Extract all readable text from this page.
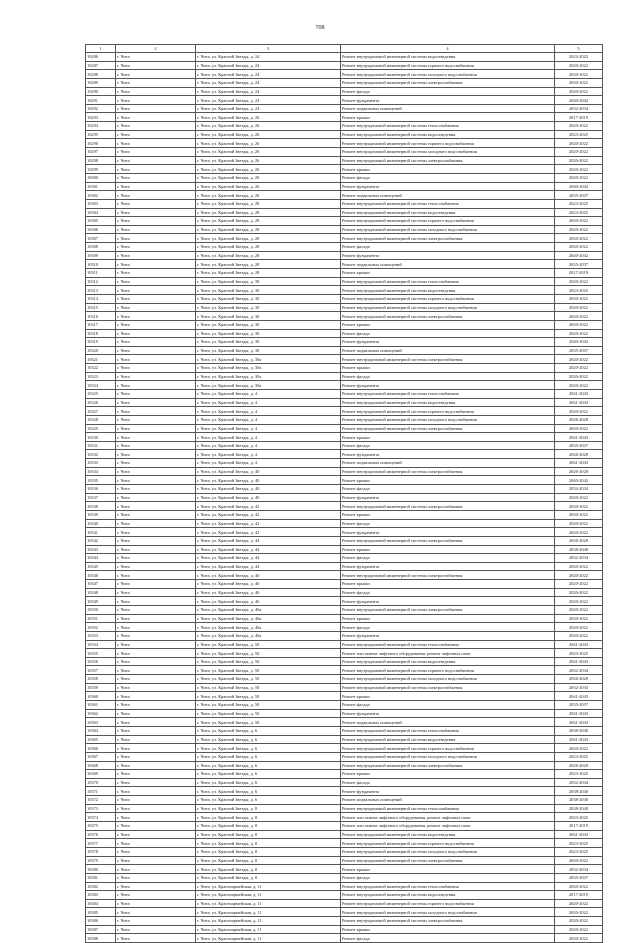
708
1	2	3	4	5
10286	г. Чита	г. Чита, ул. Красной Звезды, д. 24	Ремонт внутридомовой инженерной системы водоотведения	2022-2023
10287	г. Чита	г. Чита, ул. Красной Звезды, д. 24	Ремонт внутридомовой инженерной системы горячего водоснабжения	2020-2022
10288	г. Чита	г. Чита, ул. Красной Звезды, д. 24	Ремонт внутридомовой инженерной системы холодного водоснабжения	2020-2022
10289	г. Чита	г. Чита, ул. Красной Звезды, д. 24	Ремонт внутридомовой инженерной системы электроснабжения	2020-2022
10290	г. Чита	г. Чита, ул. Красной Звезды, д. 24	Ремонт фасада	2020-2022
10291	г. Чита	г. Чита, ул. Красной Звезды, д. 24	Ремонт фундамента	2040-2042
10292	г. Чита	г. Чита, ул. Красной Звезды, д. 24	Ремонт подвальных помещений	2032-2034
10293	г. Чита	г. Чита, ул. Красной Звезды, д. 26	Ремонт крыши	2017-2019
10294	г. Чита	г. Чита, ул. Красной Звезды, д. 26	Ремонт внутридомовой инженерной системы теплоснабжения	2020-2022
10295	г. Чита	г. Чита, ул. Красной Звезды, д. 26	Ремонт внутридомовой инженерной системы водоотведения	2023-2025
10296	г. Чита	г. Чита, ул. Красной Звезды, д. 26	Ремонт внутридомовой инженерной системы горячего водоснабжения	2020-2022
10297	г. Чита	г. Чита, ул. Красной Звезды, д. 26	Ремонт внутридомовой инженерной системы холодного водоснабжения	2020-2022
10298	г. Чита	г. Чита, ул. Красной Звезды, д. 26	Ремонт внутридомовой инженерной системы электроснабжения	2020-2022
10299	г. Чита	г. Чита, ул. Красной Звезды, д. 26	Ремонт крыши	2020-2022
10300	г. Чита	г. Чита, ул. Красной Звезды, д. 26	Ремонт фасада	2020-2022
10301	г. Чита	г. Чита, ул. Красной Звезды, д. 26	Ремонт фундамента	2040-2042
10302	г. Чита	г. Чита, ул. Красной Звезды, д. 26	Ремонт подвальных помещений	2035-2037
10303	г. Чита	г. Чита, ул. Красной Звезды, д. 28	Ремонт внутридомовой инженерной системы теплоснабжения	2023-2025
10304	г. Чита	г. Чита, ул. Красной Звезды, д. 28	Ремонт внутридомовой инженерной системы водоотведения	2023-2025
10305	г. Чита	г. Чита, ул. Красной Звезды, д. 28	Ремонт внутридомовой инженерной системы горячего водоснабжения	2020-2022
10306	г. Чита	г. Чита, ул. Красной Звезды, д. 28	Ремонт внутридомовой инженерной системы холодного водоснабжения	2020-2022
10307	г. Чита	г. Чита, ул. Красной Звезды, д. 28	Ремонт внутридомовой инженерной системы электроснабжения	2020-2022
10308	г. Чита	г. Чита, ул. Красной Звезды, д. 28	Ремонт фасада	2020-2022
10309	г. Чита	г. Чита, ул. Красной Звезды, д. 28	Ремонт фундамента	2040-2042
10310	г. Чита	г. Чита, ул. Красной Звезды, д. 28	Ремонт подвальных помещений	2035-2037
10311	г. Чита	г. Чита, ул. Красной Звезды, д. 28	Ремонт крыши	2017-2019
10312	г. Чита	г. Чита, ул. Красной Звезды, д. 30	Ремонт внутридомовой инженерной системы теплоснабжения	2020-2022
10313	г. Чита	г. Чита, ул. Красной Звезды, д. 30	Ремонт внутридомовой инженерной системы водоотведения	2023-2025
10314	г. Чита	г. Чита, ул. Красной Звезды, д. 30	Ремонт внутридомовой инженерной системы горячего водоснабжения	2020-2022
10315	г. Чита	г. Чита, ул. Красной Звезды, д. 30	Ремонт внутридомовой инженерной системы холодного водоснабжения	2020-2022
10316	г. Чита	г. Чита, ул. Красной Звезды, д. 30	Ремонт внутридомовой инженерной системы электроснабжения	2020-2022
10317	г. Чита	г. Чита, ул. Красной Звезды, д. 30	Ремонт крыши	2020-2022
10318	г. Чита	г. Чита, ул. Красной Звезды, д. 30	Ремонт фасада	2020-2022
10319	г. Чита	г. Чита, ул. Красной Звезды, д. 30	Ремонт фундамента	2040-2042
10320	г. Чита	г. Чита, ул. Красной Звезды, д. 30	Ремонт подвальных помещений	2035-2037
10321	г. Чита	г. Чита, ул. Красной Звезды, д. 30а	Ремонт внутридомовой инженерной системы электроснабжения	2020-2022
10322	г. Чита	г. Чита, ул. Красной Звезды, д. 30а	Ремонт крыши	2020-2022
10323	г. Чита	г. Чита, ул. Красной Звезды, д. 30а	Ремонт фасада	2020-2022
10324	г. Чита	г. Чита, ул. Красной Звезды, д. 30а	Ремонт фундамента	2020-2022
10325	г. Чита	г. Чита, ул. Красной Звезды, д. 4	Ремонт внутридомовой инженерной системы теплоснабжения	2041-2043
10326	г. Чита	г. Чита, ул. Красной Звезды, д. 4	Ремонт внутридомовой инженерной системы водоотведения	2041-2043
10327	г. Чита	г. Чита, ул. Красной Звезды, д. 4	Ремонт внутридомовой инженерной системы горячего водоснабжения	2020-2022
10328	г. Чита	г. Чита, ул. Красной Звезды, д. 4	Ремонт внутридомовой инженерной системы холодного водоснабжения	2026-2028
10329	г. Чита	г. Чита, ул. Красной Звезды, д. 4	Ремонт внутридомовой инженерной системы электроснабжения	2020-2022
10330	г. Чита	г. Чита, ул. Красной Звезды, д. 4	Ремонт крыши	2041-2043
10331	г. Чита	г. Чита, ул. Красной Звезды, д. 4	Ремонт фасада	2035-2037
10332	г. Чита	г. Чита, ул. Красной Звезды, д. 4	Ремонт фундамента	2026-2028
10333	г. Чита	г. Чита, ул. Красной Звезды, д. 4	Ремонт подвальных помещений	2041-2043
10334	г. Чита	г. Чита, ул. Красной Звезды, д. 40	Ремонт внутридомовой инженерной системы электроснабжения	2026-2028
10335	г. Чита	г. Чита, ул. Красной Звезды, д. 40	Ремонт крыши	2040-2042
10336	г. Чита	г. Чита, ул. Красной Звезды, д. 40	Ремонт фасада	2032-2034
10337	г. Чита	г. Чита, ул. Красной Звезды, д. 40	Ремонт фундамента	2020-2022
10338	г. Чита	г. Чита, ул. Красной Звезды, д. 42	Ремонт внутридомовой инженерной системы электроснабжения	2020-2022
10339	г. Чита	г. Чита, ул. Красной Звезды, д. 42	Ремонт крыши	2020-2022
10340	г. Чита	г. Чита, ул. Красной Звезды, д. 42	Ремонт фасада	2020-2022
10341	г. Чита	г. Чита, ул. Красной Звезды, д. 42	Ремонт фундамента	2020-2022
10342	г. Чита	г. Чита, ул. Красной Звезды, д. 44	Ремонт внутридомовой инженерной системы электроснабжения	2026-2028
10343	г. Чита	г. Чита, ул. Красной Звезды, д. 44	Ремонт крыши	2038-2040
10344	г. Чита	г. Чита, ул. Красной Звезды, д. 44	Ремонт фасада	2032-2034
10345	г. Чита	г. Чита, ул. Красной Звезды, д. 44	Ремонт фундамента	2020-2022
10346	г. Чита	г. Чита, ул. Красной Звезды, д. 46	Ремонт внутридомовой инженерной системы электроснабжения	2020-2022
10347	г. Чита	г. Чита, ул. Красной Звезды, д. 46	Ремонт крыши	2020-2022
10348	г. Чита	г. Чита, ул. Красной Звезды, д. 46	Ремонт фасада	2020-2022
10349	г. Чита	г. Чита, ул. Красной Звезды, д. 46	Ремонт фундамента	2020-2022
10350	г. Чита	г. Чита, ул. Красной Звезды, д. 46а	Ремонт внутридомовой инженерной системы электроснабжения	2020-2022
10351	г. Чита	г. Чита, ул. Красной Звезды, д. 46а	Ремонт крыши	2020-2022
10352	г. Чита	г. Чита, ул. Красной Звезды, д. 46а	Ремонт фасада	2020-2022
10353	г. Чита	г. Чита, ул. Красной Звезды, д. 46а	Ремонт фундамента	2020-2022
10354	г. Чита	г. Чита, ул. Красной Звезды, д. 50	Ремонт внутридомовой инженерной системы теплоснабжения	2041-2043
10355	г. Чита	г. Чита, ул. Красной Звезды, д. 50	Ремонт или замена лифтового оборудования, ремонт лифтовых шахт	2023-2025
10356	г. Чита	г. Чита, ул. Красной Звезды, д. 50	Ремонт внутридомовой инженерной системы водоотведения	2041-2043
10357	г. Чита	г. Чита, ул. Красной Звезды, д. 50	Ремонт внутридомовой инженерной системы горячего водоснабжения	2032-2034
10358	г. Чита	г. Чита, ул. Красной Звезды, д. 50	Ремонт внутридомовой инженерной системы холодного водоснабжения	2026-2028
10359	г. Чита	г. Чита, ул. Красной Звезды, д. 50	Ремонт внутридомовой инженерной системы электроснабжения	2032-2034
10360	г. Чита	г. Чита, ул. Красной Звезды, д. 50	Ремонт крыши	2041-2043
10361	г. Чита	г. Чита, ул. Красной Звезды, д. 50	Ремонт фасада	2035-2037
10362	г. Чита	г. Чита, ул. Красной Звезды, д. 50	Ремонт фундамента	2041-2043
10363	г. Чита	г. Чита, ул. Красной Звезды, д. 50	Ремонт подвальных помещений	2041-2043
10364	г. Чита	г. Чита, ул. Красной Звезды, д. 6	Ремонт внутридомовой инженерной системы теплоснабжения	2038-2040
10365	г. Чита	г. Чита, ул. Красной Звезды, д. 6	Ремонт внутридомовой инженерной системы водоотведения	2041-2043
10366	г. Чита	г. Чита, ул. Красной Звезды, д. 6	Ремонт внутридомовой инженерной системы горячего водоснабжения	2020-2022
10367	г. Чита	г. Чита, ул. Красной Звезды, д. 6	Ремонт внутридомовой инженерной системы холодного водоснабжения	2023-2025
10368	г. Чита	г. Чита, ул. Красной Звезды, д. 6	Ремонт внутридомовой инженерной системы электроснабжения	2026-2028
10369	г. Чита	г. Чита, ул. Красной Звезды, д. 6	Ремонт крыши	2023-2025
10370	г. Чита	г. Чита, ул. Красной Звезды, д. 6	Ремонт фасада	2032-2034
10371	г. Чита	г. Чита, ул. Красной Звезды, д. 6	Ремонт фундамента	2038-2040
10372	г. Чита	г. Чита, ул. Красной Звезды, д. 6	Ремонт подвальных помещений	2038-2040
10373	г. Чита	г. Чита, ул. Красной Звезды, д. 8	Ремонт внутридомовой инженерной системы теплоснабжения	2038-2040
10374	г. Чита	г. Чита, ул. Красной Звезды, д. 8	Ремонт или замена лифтового оборудования, ремонт лифтовых шахт	2023-2025
10375	г. Чита	г. Чита, ул. Красной Звезды, д. 8	Ремонт или замена лифтового оборудования, ремонт лифтовых шахт	2017-2019
10376	г. Чита	г. Чита, ул. Красной Звезды, д. 8	Ремонт внутридомовой инженерной системы водоотведения	2041-2043
10377	г. Чита	г. Чита, ул. Красной Звезды, д. 8	Ремонт внутридомовой инженерной системы горячего водоснабжения	2023-2025
10378	г. Чита	г. Чита, ул. Красной Звезды, д. 8	Ремонт внутридомовой инженерной системы холодного водоснабжения	2023-2025
10379	г. Чита	г. Чита, ул. Красной Звезды, д. 8	Ремонт внутридомовой инженерной системы электроснабжения	2020-2022
10380	г. Чита	г. Чита, ул. Красной Звезды, д. 8	Ремонт крыши	2032-2034
10381	г. Чита	г. Чита, ул. Красной Звезды, д. 8	Ремонт фасада	2035-2037
10382	г. Чита	г. Чита, ул. Красноармейская, д. 11	Ремонт внутридомовой инженерной системы теплоснабжения	2020-2022
10383	г. Чита	г. Чита, ул. Красноармейская, д. 11	Ремонт внутридомовой инженерной системы водоотведения	2017-2019
10384	г. Чита	г. Чита, ул. Красноармейская, д. 11	Ремонт внутридомовой инженерной системы горячего водоснабжения	2020-2022
10385	г. Чита	г. Чита, ул. Красноармейская, д. 11	Ремонт внутридомовой инженерной системы холодного водоснабжения	2020-2022
10386	г. Чита	г. Чита, ул. Красноармейская, д. 11	Ремонт внутридомовой инженерной системы электроснабжения	2020-2022
10387	г. Чита	г. Чита, ул. Красноармейская, д. 11	Ремонт крыши	2020-2022
10388	г. Чита	г. Чита, ул. Красноармейская, д. 11	Ремонт фасада	2020-2022
